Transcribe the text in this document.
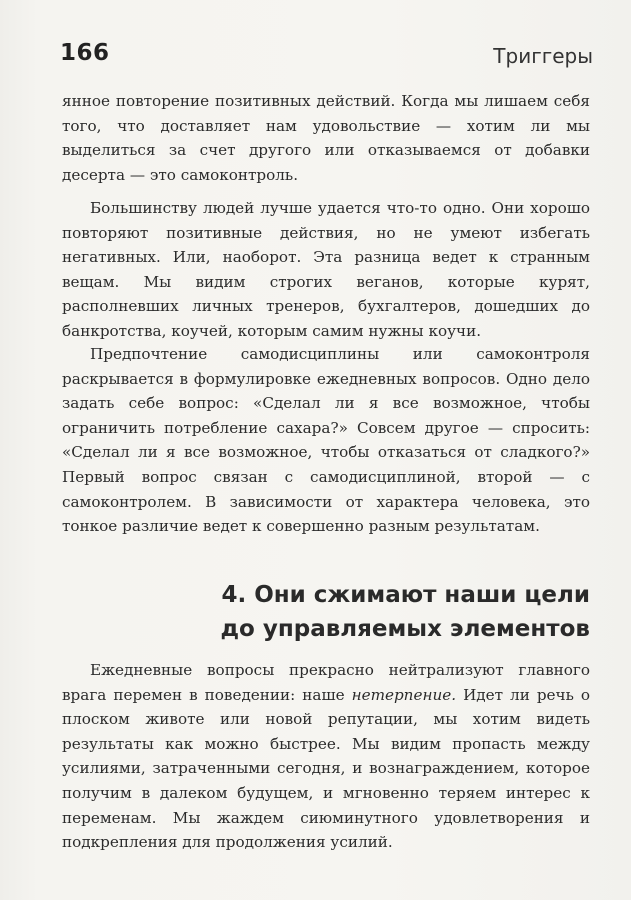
166	Триггеры

янное повторение позитивных действий. Когда мы лишаем себя того, что доставляет нам удовольствие — хотим ли мы выделиться за счет другого или отказываемся от добавки десерта — это самоконтроль.

Большинству людей лучше удается что-то одно. Они хорошо повторяют позитивные действия, но не умеют избегать негативных. Или, наоборот. Эта разница ведет к странным вещам. Мы видим строгих веганов, которые курят, располневших личных тренеров, бухгалтеров, дошедших до банкротства, коучей, которым самим нужны коучи.

Предпочтение самодисциплины или самоконтроля раскрывается в формулировке ежедневных вопросов. Одно дело задать себе вопрос: «Сделал ли я все возможное, чтобы ограничить потребление сахара?» Совсем другое — спросить: «Сделал ли я все возможное, чтобы отказаться от сладкого?» Первый вопрос связан с самодисциплиной, второй — с самоконтролем. В зависимости от характера человека, это тонкое различие ведет к совершенно разным результатам.

4. Они сжимают наши цели
до управляемых элементов

Ежедневные вопросы прекрасно нейтрализуют главного врага перемен в поведении: наше нетерпение. Идет ли речь о плоском животе или новой репутации, мы хотим видеть результаты как можно быстрее. Мы видим пропасть между усилиями, затраченными сегодня, и вознаграждением, которое получим в далеком будущем, и мгновенно теряем интерес к переменам. Мы жаждем сиюминутного удовлетворения и подкрепления для продолжения усилий.
